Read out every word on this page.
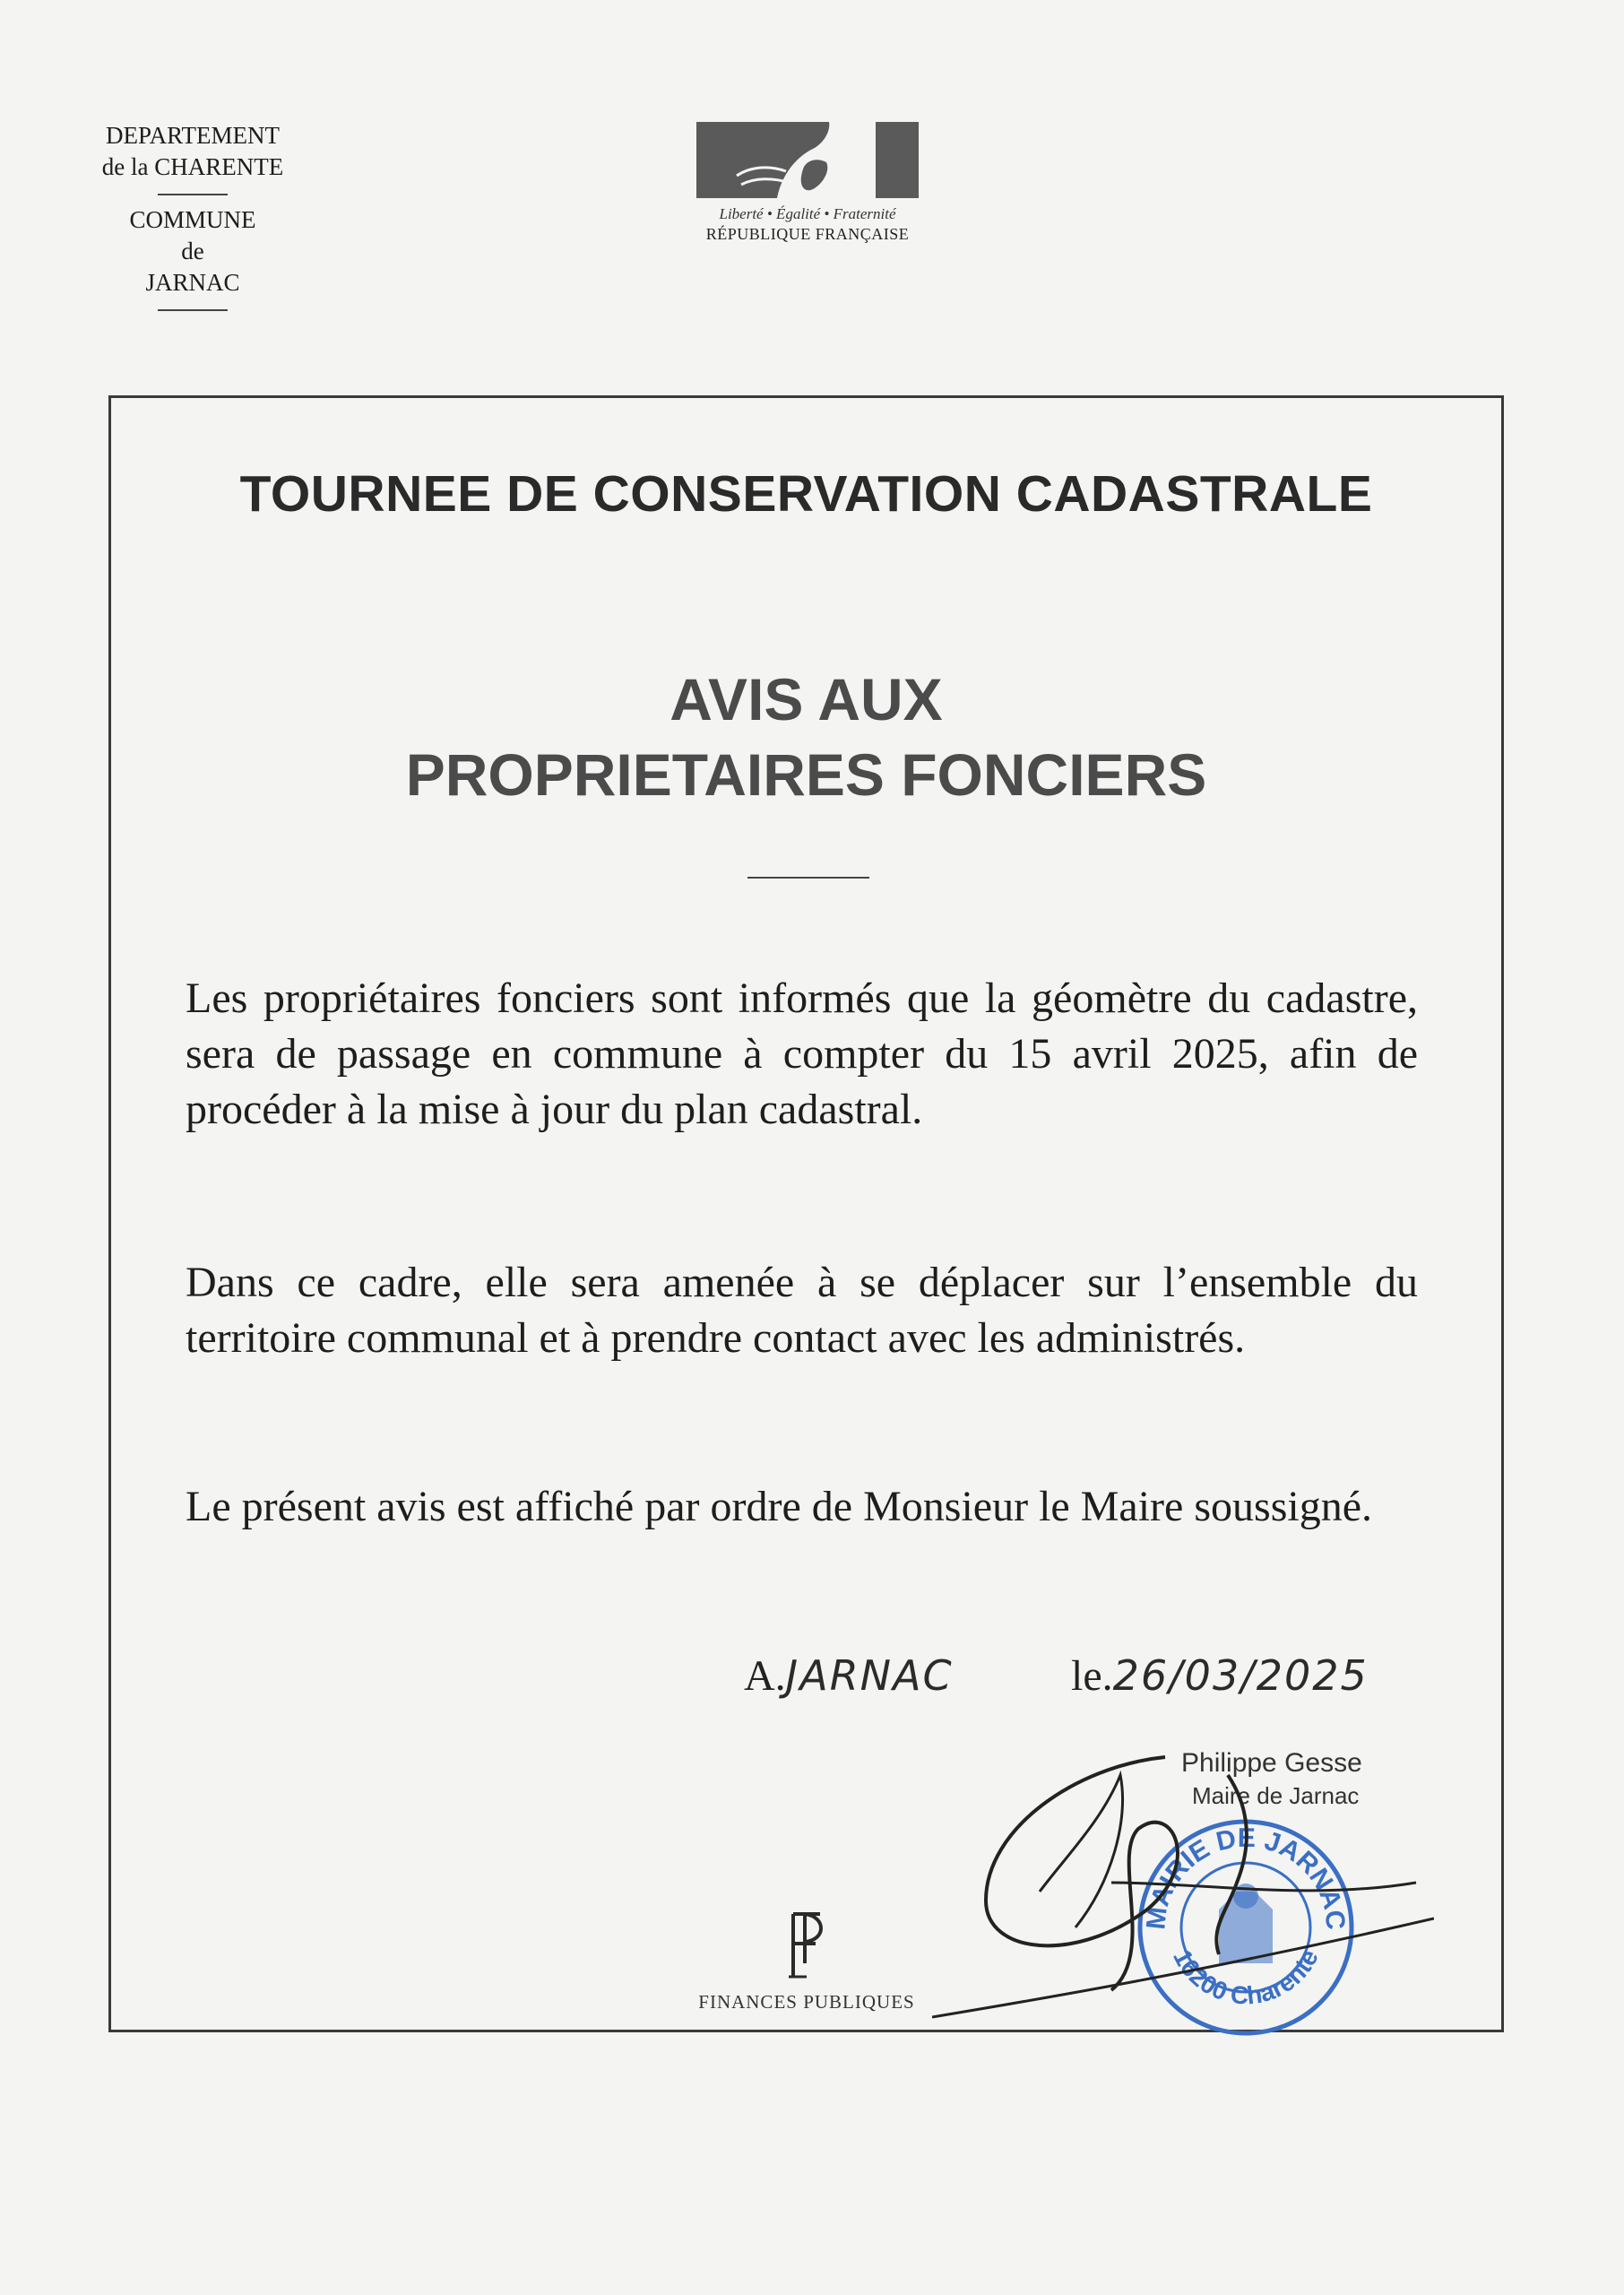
DEPARTEMENT
de la CHARENTE
COMMUNE
de
JARNAC
Liberté • Égalité • Fraternité
RÉPUBLIQUE FRANÇAISE
TOURNEE DE CONSERVATION CADASTRALE
AVIS AUX
PROPRIETAIRES FONCIERS
Les propriétaires fonciers sont informés que la géomètre du cadastre, sera de passage en commune à compter du 15 avril 2025, afin de procéder à la mise à jour du plan cadastral.
Dans ce cadre, elle sera amenée à se déplacer sur l’ensemble du territoire communal et à prendre contact avec les administrés.
Le présent avis est affiché par ordre de Monsieur le Maire soussigné.
A.JARNAC	le.26/03/2025
Philippe Gesse
Maire de Jarnac
MAIRIE DE JARNAC
16200 Charente
FINANCES PUBLIQUES
